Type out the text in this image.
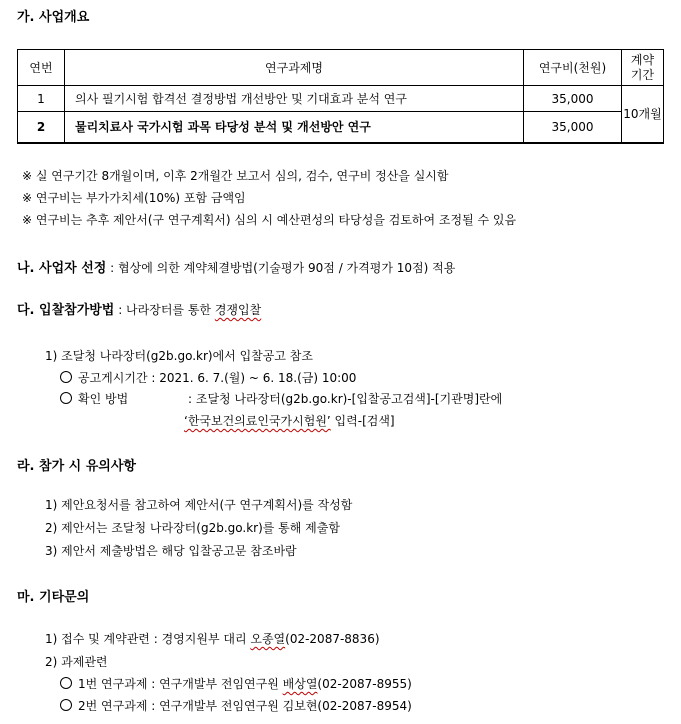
가. 사업개요
연번	연구과제명	연구비(천원)	계약
기간
1	의사 필기시험 합격선 결정방법 개선방안 및 기대효과 분석 연구	35,000	10개월
2	물리치료사 국가시험 과목 타당성 분석 및 개선방안 연구	35,000	
※ 실 연구기간 8개월이며, 이후 2개월간 보고서 심의, 검수, 연구비 정산을 실시함
※ 연구비는 부가가치세(10%) 포함 금액임
※ 연구비는 추후 제안서(구 연구계획서) 심의 시 예산편성의 타당성을 검토하여 조정될 수 있음
나. 사업자 선정 : 협상에 의한 계약체결방법(기술평가 90점 / 가격평가 10점) 적용
다. 입찰참가방법 : 나라장터를 통한 경쟁입찰
1) 조달청 나라장터(g2b.go.kr)에서 입찰공고 참조
공고게시기간 : 2021. 6. 7.(월) ~ 6. 18.(금) 10:00
확인 방법	: 조달청 나라장터(g2b.go.kr)-[입찰공고검색]-[기관명]란에
‘한국보건의료인국가시험원’ 입력-[검색]
라. 참가 시 유의사항
1) 제안요청서를 참고하여 제안서(구 연구계획서)를 작성함
2) 제안서는 조달청 나라장터(g2b.go.kr)를 통해 제출함
3) 제안서 제출방법은 해당 입찰공고문 참조바람
마. 기타문의
1) 접수 및 계약관련 : 경영지원부 대리 오종열(02-2087-8836)
2) 과제관련
1번 연구과제 : 연구개발부 전임연구원 배상열(02-2087-8955)
2번 연구과제 : 연구개발부 전임연구원 김보현(02-2087-8954)
